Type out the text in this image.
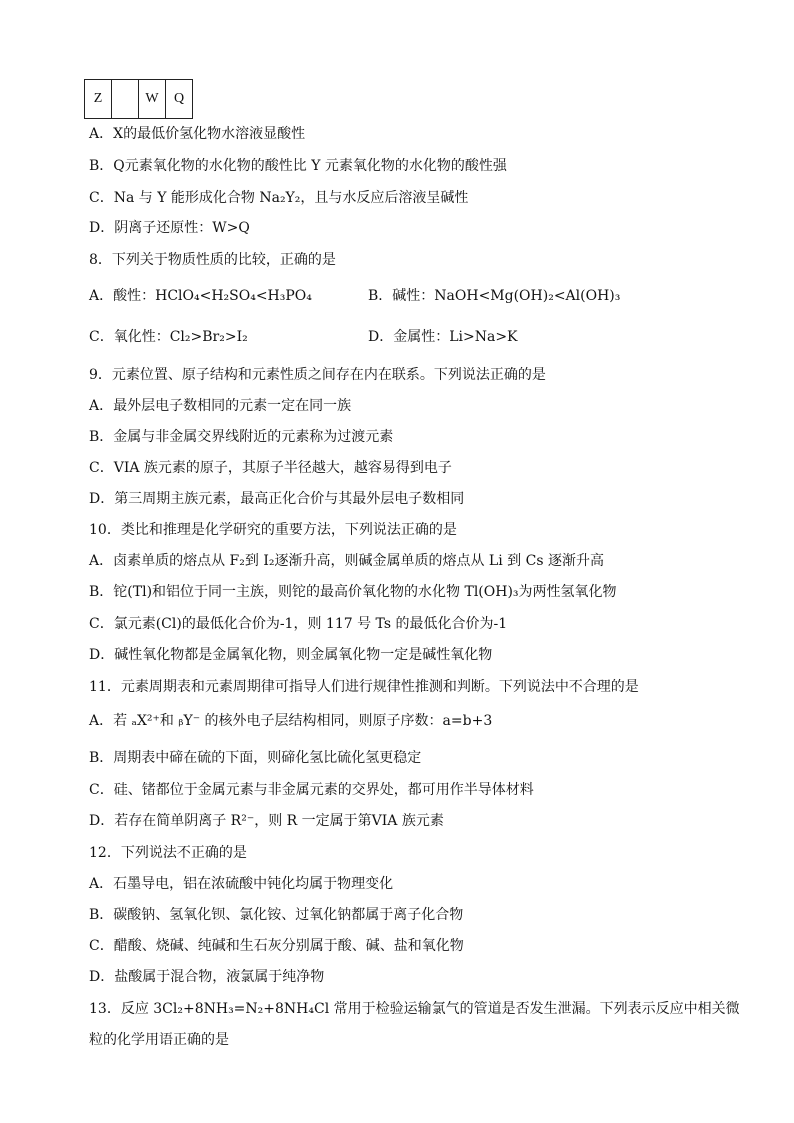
Z		W	Q
A．X的最低价氢化物水溶液显酸性
B．Q元素氧化物的水化物的酸性比 Y 元素氧化物的水化物的酸性强
C．Na 与 Y 能形成化合物 Na₂Y₂，且与水反应后溶液呈碱性
D．阴离子还原性：W>Q
8．下列关于物质性质的比较，正确的是
A．酸性：HClO₄<H₂SO₄<H₃PO₄	B．碱性：NaOH<Mg(OH)₂<Al(OH)₃
C．氧化性：Cl₂>Br₂>I₂	D．金属性：Li>Na>K
9．元素位置、原子结构和元素性质之间存在内在联系。下列说法正确的是
A．最外层电子数相同的元素一定在同一族
B．金属与非金属交界线附近的元素称为过渡元素
C．VIA 族元素的原子，其原子半径越大，越容易得到电子
D．第三周期主族元素，最高正化合价与其最外层电子数相同
10．类比和推理是化学研究的重要方法，下列说法正确的是
A．卤素单质的熔点从 F₂到 I₂逐渐升高，则碱金属单质的熔点从 Li 到 Cs 逐渐升高
B．铊(Tl)和铝位于同一主族，则铊的最高价氧化物的水化物 Tl(OH)₃为两性氢氧化物
C．氯元素(Cl)的最低化合价为-1，则 117 号 Ts 的最低化合价为-1
D．碱性氧化物都是金属氧化物，则金属氧化物一定是碱性氧化物
11．元素周期表和元素周期律可指导人们进行规律性推测和判断。下列说法中不合理的是
A．若 ₐX²⁺和 ᵦY⁻ 的核外电子层结构相同，则原子序数：a=b+3
B．周期表中碲在硫的下面，则碲化氢比硫化氢更稳定
C．硅、锗都位于金属元素与非金属元素的交界处，都可用作半导体材料
D．若存在简单阴离子 R²⁻，则 R 一定属于第VIA 族元素
12．下列说法不正确的是
A．石墨导电，铝在浓硫酸中钝化均属于物理变化
B．碳酸钠、氢氧化钡、氯化铵、过氧化钠都属于离子化合物
C．醋酸、烧碱、纯碱和生石灰分别属于酸、碱、盐和氧化物
D．盐酸属于混合物，液氯属于纯净物
13．反应 3Cl₂+8NH₃=N₂+8NH₄Cl 常用于检验运输氯气的管道是否发生泄漏。下列表示反应中相关微
粒的化学用语正确的是
